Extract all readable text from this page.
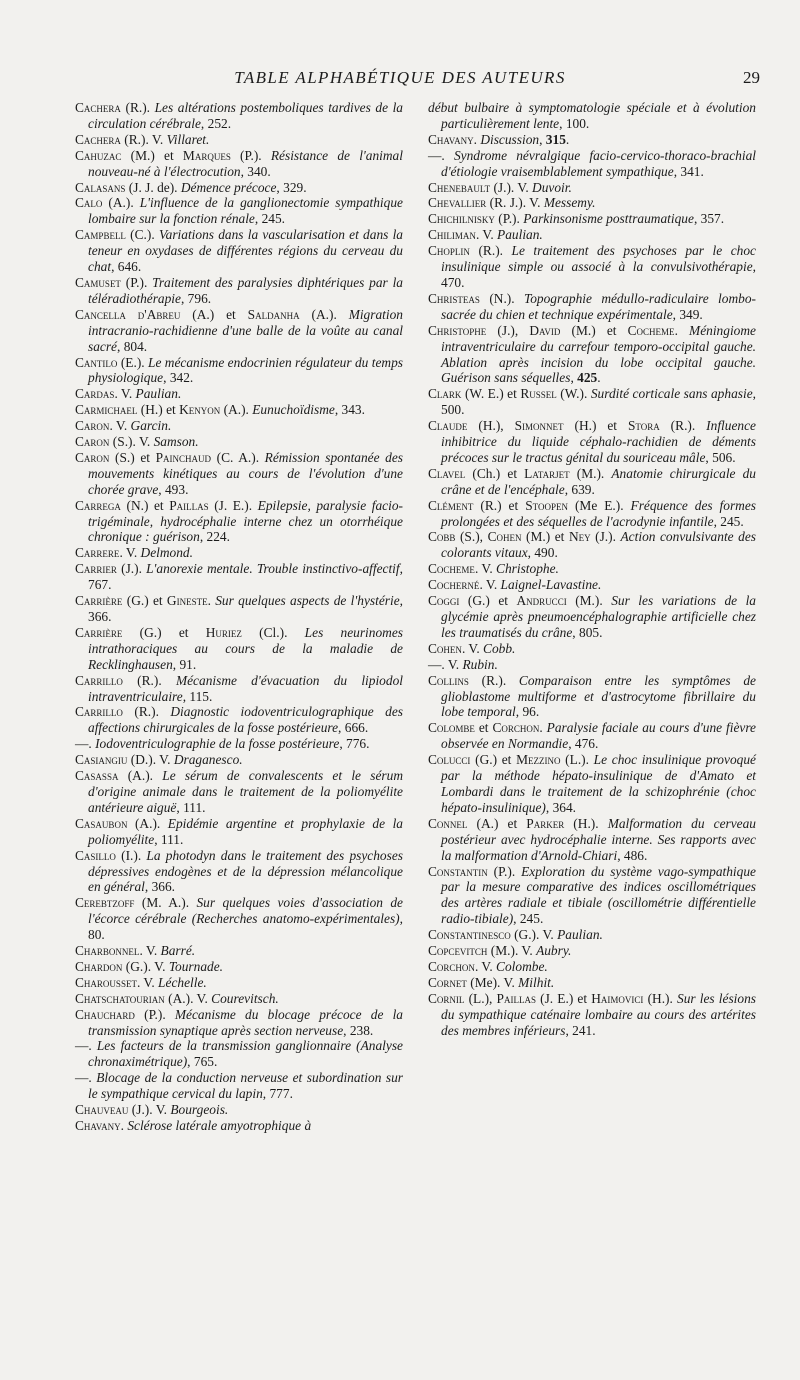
TABLE ALPHABÉTIQUE DES AUTEURS	29

Cachera (R.). Les altérations postemboliques tardives de la circulation cérébrale, 252.

Cachera (R.). V. Villaret.

Cahuzac (M.) et Marques (P.). Résistance de l'animal nouveau-né à l'électrocution, 340.

Calasans (J. J. de). Démence précoce, 329.

Calo (A.). L'influence de la ganglionectomie sympathique lombaire sur la fonction rénale, 245.

Campbell (C.). Variations dans la vascularisation et dans la teneur en oxydases de différentes régions du cerveau du chat, 646.

Camuset (P.). Traitement des paralysies diphtériques par la téléradiothérapie, 796.

Cancella d'Abreu (A.) et Saldanha (A.). Migration intracranio-rachidienne d'une balle de la voûte au canal sacré, 804.

Cantilo (E.). Le mécanisme endocrinien régulateur du temps physiologique, 342.

Cardas. V. Paulian.

Carmichael (H.) et Kenyon (A.). Eunuchoïdisme, 343.

Caron. V. Garcin.

Caron (S.). V. Samson.

Caron (S.) et Painchaud (C. A.). Rémission spontanée des mouvements kinétiques au cours de l'évolution d'une chorée grave, 493.

Carrega (N.) et Paillas (J. E.). Epilepsie, paralysie facio-trigéminale, hydrocéphalie interne chez un otorrhéique chronique : guérison, 224.

Carrere. V. Delmond.

Carrier (J.). L'anorexie mentale. Trouble instinctivo-affectif, 767.

Carrière (G.) et Gineste. Sur quelques aspects de l'hystérie, 366.

Carrière (G.) et Huriez (Cl.). Les neurinomes intrathoraciques au cours de la maladie de Recklinghausen, 91.

Carrillo (R.). Mécanisme d'évacuation du lipiodol intraventriculaire, 115.

Carrillo (R.). Diagnostic iodoventriculographique des affections chirurgicales de la fosse postérieure, 666.

—. Iodoventriculographie de la fosse postérieure, 776.

Casiangiu (D.). V. Draganesco.

Casassa (A.). Le sérum de convalescents et le sérum d'origine animale dans le traitement de la poliomyélite antérieure aiguë, 111.

Casaubon (A.). Epidémie argentine et prophylaxie de la poliomyélite, 111.

Casillo (I.). La photodyn dans le traitement des psychoses dépressives endogènes et de la dépression mélancolique en général, 366.

Cerebtzoff (M. A.). Sur quelques voies d'association de l'écorce cérébrale (Recherches anatomo-expérimentales), 80.

Charbonnel. V. Barré.

Chardon (G.). V. Tournade.

Charousset. V. Léchelle.

Chatschatourian (A.). V. Courevitsch.

Chauchard (P.). Mécanisme du blocage précoce de la transmission synaptique après section nerveuse, 238.

—. Les facteurs de la transmission ganglionnaire (Analyse chronaximétrique), 765.

—. Blocage de la conduction nerveuse et subordination sur le sympathique cervical du lapin, 777.

Chauveau (J.). V. Bourgeois.

Chavany. Sclérose latérale amyotrophique à

début bulbaire à symptomatologie spéciale et à évolution particulièrement lente, 100.

Chavany. Discussion, 315.

—. Syndrome névralgique facio-cervico-thoraco-brachial d'étiologie vraisemblablement sympathique, 341.

Chenebault (J.). V. Duvoir.

Chevallier (R. J.). V. Messemy.

Chichilnisky (P.). Parkinsonisme posttraumatique, 357.

Chiliman. V. Paulian.

Choplin (R.). Le traitement des psychoses par le choc insulinique simple ou associé à la convulsivothérapie, 470.

Christeas (N.). Topographie médullo-radiculaire lombo-sacrée du chien et technique expérimentale, 349.

Christophe (J.), David (M.) et Cocheme. Méningiome intraventriculaire du carrefour temporo-occipital gauche. Ablation après incision du lobe occipital gauche. Guérison sans séquelles, 425.

Clark (W. E.) et Russel (W.). Surdité corticale sans aphasie, 500.

Claude (H.), Simonnet (H.) et Stora (R.). Influence inhibitrice du liquide céphalo-rachidien de déments précoces sur le tractus génital du souriceau mâle, 506.

Clavel (Ch.) et Latarjet (M.). Anatomie chirurgicale du crâne et de l'encéphale, 639.

Clément (R.) et Stoopen (Me E.). Fréquence des formes prolongées et des séquelles de l'acrodynie infantile, 245.

Cobb (S.), Cohen (M.) et Ney (J.). Action convulsivante des colorants vitaux, 490.

Cocheme. V. Christophe.

Cocherné. V. Laignel-Lavastine.

Coggi (G.) et Andrucci (M.). Sur les variations de la glycémie après pneumoencéphalographie artificielle chez les traumatisés du crâne, 805.

Cohen. V. Cobb.

—. V. Rubin.

Collins (R.). Comparaison entre les symptômes de glioblastome multiforme et d'astrocytome fibrillaire du lobe temporal, 96.

Colombe et Corchon. Paralysie faciale au cours d'une fièvre observée en Normandie, 476.

Colucci (G.) et Mezzino (L.). Le choc insulinique provoqué par la méthode hépato-insulinique de d'Amato et Lombardi dans le traitement de la schizophrénie (choc hépato-insulinique), 364.

Connel (A.) et Parker (H.). Malformation du cerveau postérieur avec hydrocéphalie interne. Ses rapports avec la malformation d'Arnold-Chiari, 486.

Constantin (P.). Exploration du système vago-sympathique par la mesure comparative des indices oscillométriques des artères radiale et tibiale (oscillométrie différentielle radio-tibiale), 245.

Constantinesco (G.). V. Paulian.

Copcevitch (M.). V. Aubry.

Corchon. V. Colombe.

Cornet (Me). V. Milhit.

Cornil (L.), Paillas (J. E.) et Haimovici (H.). Sur les lésions du sympathique caténaire lombaire au cours des artérites des membres inférieurs, 241.
